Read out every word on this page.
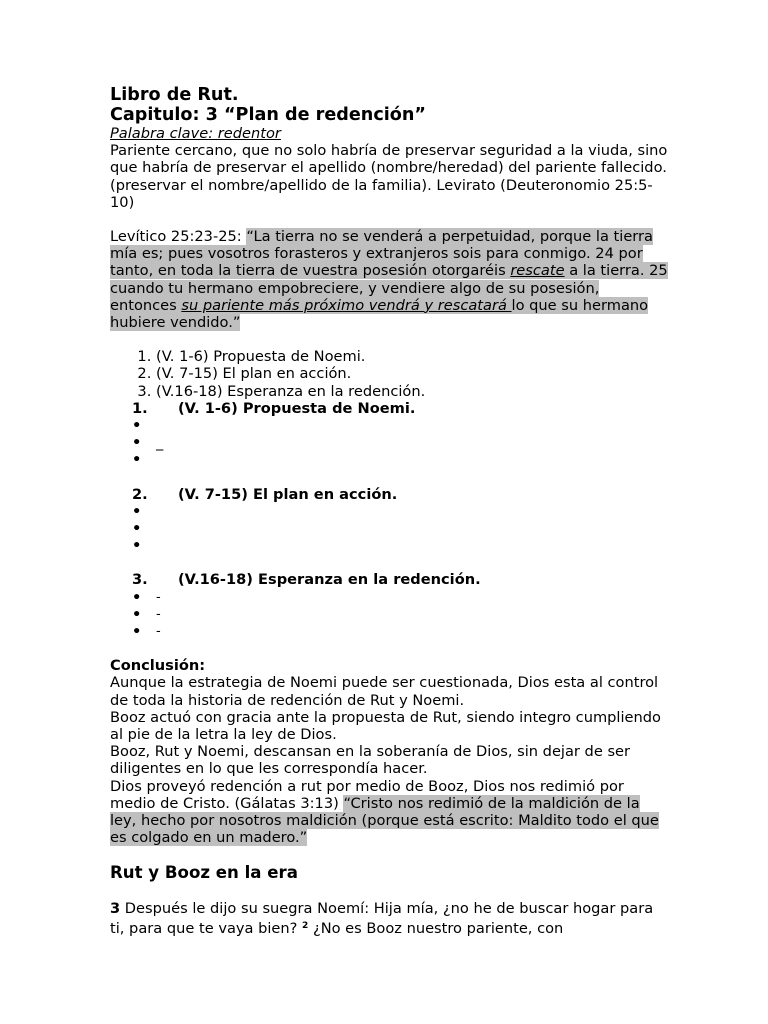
Libro de Rut.
Capitulo: 3 “Plan de redención”

Palabra clave: redentor

Pariente cercano, que no solo habría de preservar seguridad a la viuda, sino que habría de preservar el apellido (nombre/heredad) del pariente fallecido. (preservar el nombre/apellido de la familia). Levirato (Deuteronomio 25:5-10)

Levítico 25:23-25: “La tierra no se venderá a perpetuidad, porque la tierra mía es; pues vosotros forasteros y extranjeros sois para conmigo. 24 por tanto, en toda la tierra de vuestra posesión otorgaréis rescate a la tierra. 25 cuando tu hermano empobreciere, y vendiere algo de su posesión, entonces su pariente más próximo vendrá y rescatará lo que su hermano hubiere vendido.”

1. (V. 1-6) Propuesta de Noemi.
2. (V. 7-15) El plan en acción.
3. (V.16-18) Esperanza en la redención.
1.	(V. 1-6) Propuesta de Noemi.
•
•	_
•
2.	(V. 7-15) El plan en acción.
•
•
•
3.	(V.16-18) Esperanza en la redención.
•	-
•	-
•	-

Conclusión:

Aunque la estrategia de Noemi puede ser cuestionada, Dios esta al control de toda la historia de redención de Rut y Noemi.

Booz actuó con gracia ante la propuesta de Rut, siendo integro cumpliendo al pie de la letra la ley de Dios.

Booz, Rut y Noemi, descansan en la soberanía de Dios, sin dejar de ser diligentes en lo que les correspondía hacer.

Dios proveyó redención a rut por medio de Booz, Dios nos redimió por medio de Cristo. (Gálatas 3:13) “Cristo nos redimió de la maldición de la ley, hecho por nosotros maldición (porque está escrito: Maldito todo el que es colgado en un madero.”

Rut y Booz en la era

3 Después le dijo su suegra Noemí: Hija mía, ¿no he de buscar hogar para ti, para que te vaya bien? $^2$ ¿No es Booz nuestro pariente, con
